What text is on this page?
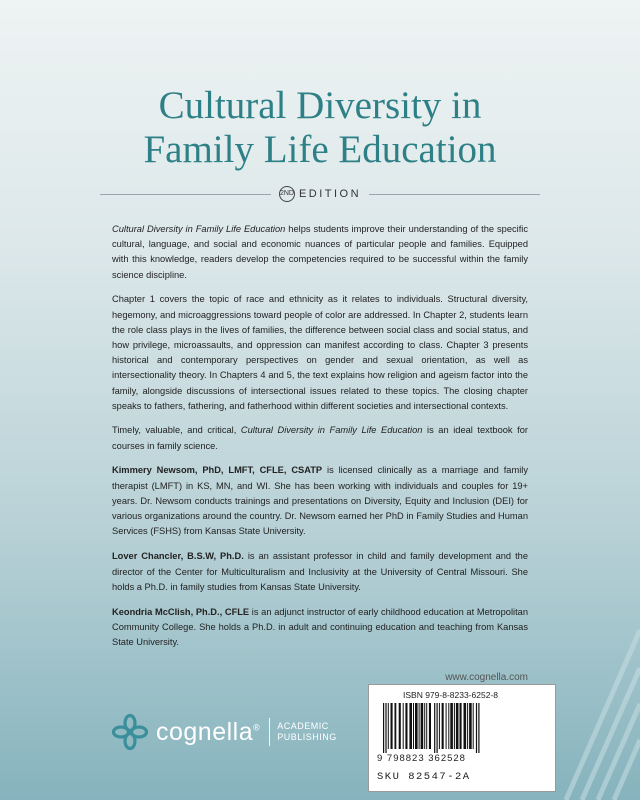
Cultural Diversity in
Family Life Education
2ND EDITION

Cultural Diversity in Family Life Education helps students improve their understanding of the specific cultural, language, and social and economic nuances of particular people and families. Equipped with this knowledge, readers develop the competencies required to be successful within the family science discipline.

Chapter 1 covers the topic of race and ethnicity as it relates to individuals. Structural diversity, hegemony, and microaggressions toward people of color are addressed. In Chapter 2, students learn the role class plays in the lives of families, the difference between social class and social status, and how privilege, microassaults, and oppression can manifest according to class. Chapter 3 presents historical and contemporary perspectives on gender and sexual orientation, as well as intersectionality theory. In Chapters 4 and 5, the text explains how religion and ageism factor into the family, alongside discussions of intersectional issues related to these topics. The closing chapter speaks to fathers, fathering, and fatherhood within different societies and intersectional contexts.

Timely, valuable, and critical, Cultural Diversity in Family Life Education is an ideal textbook for courses in family science.

Kimmery Newsom, PhD, LMFT, CFLE, CSATP is licensed clinically as a marriage and family therapist (LMFT) in KS, MN, and WI. She has been working with individuals and couples for 19+ years. Dr. Newsom conducts trainings and presentations on Diversity, Equity and Inclusion (DEI) for various organizations around the country. Dr. Newsom earned her PhD in Family Studies and Human Services (FSHS) from Kansas State University.

Lover Chancler, B.S.W, Ph.D. is an assistant professor in child and family development and the director of the Center for Multiculturalism and Inclusivity at the University of Central Missouri. She holds a Ph.D. in family studies from Kansas State University.

Keondria McClish, Ph.D., CFLE is an adjunct instructor of early childhood education at Metropolitan Community College. She holds a Ph.D. in adult and continuing education and teaching from Kansas State University.

www.cognella.com
ISBN 979-8-8233-6252-8
9 798823 362528
SKU 82547-2A
cognella® ACADEMIC
PUBLISHING
